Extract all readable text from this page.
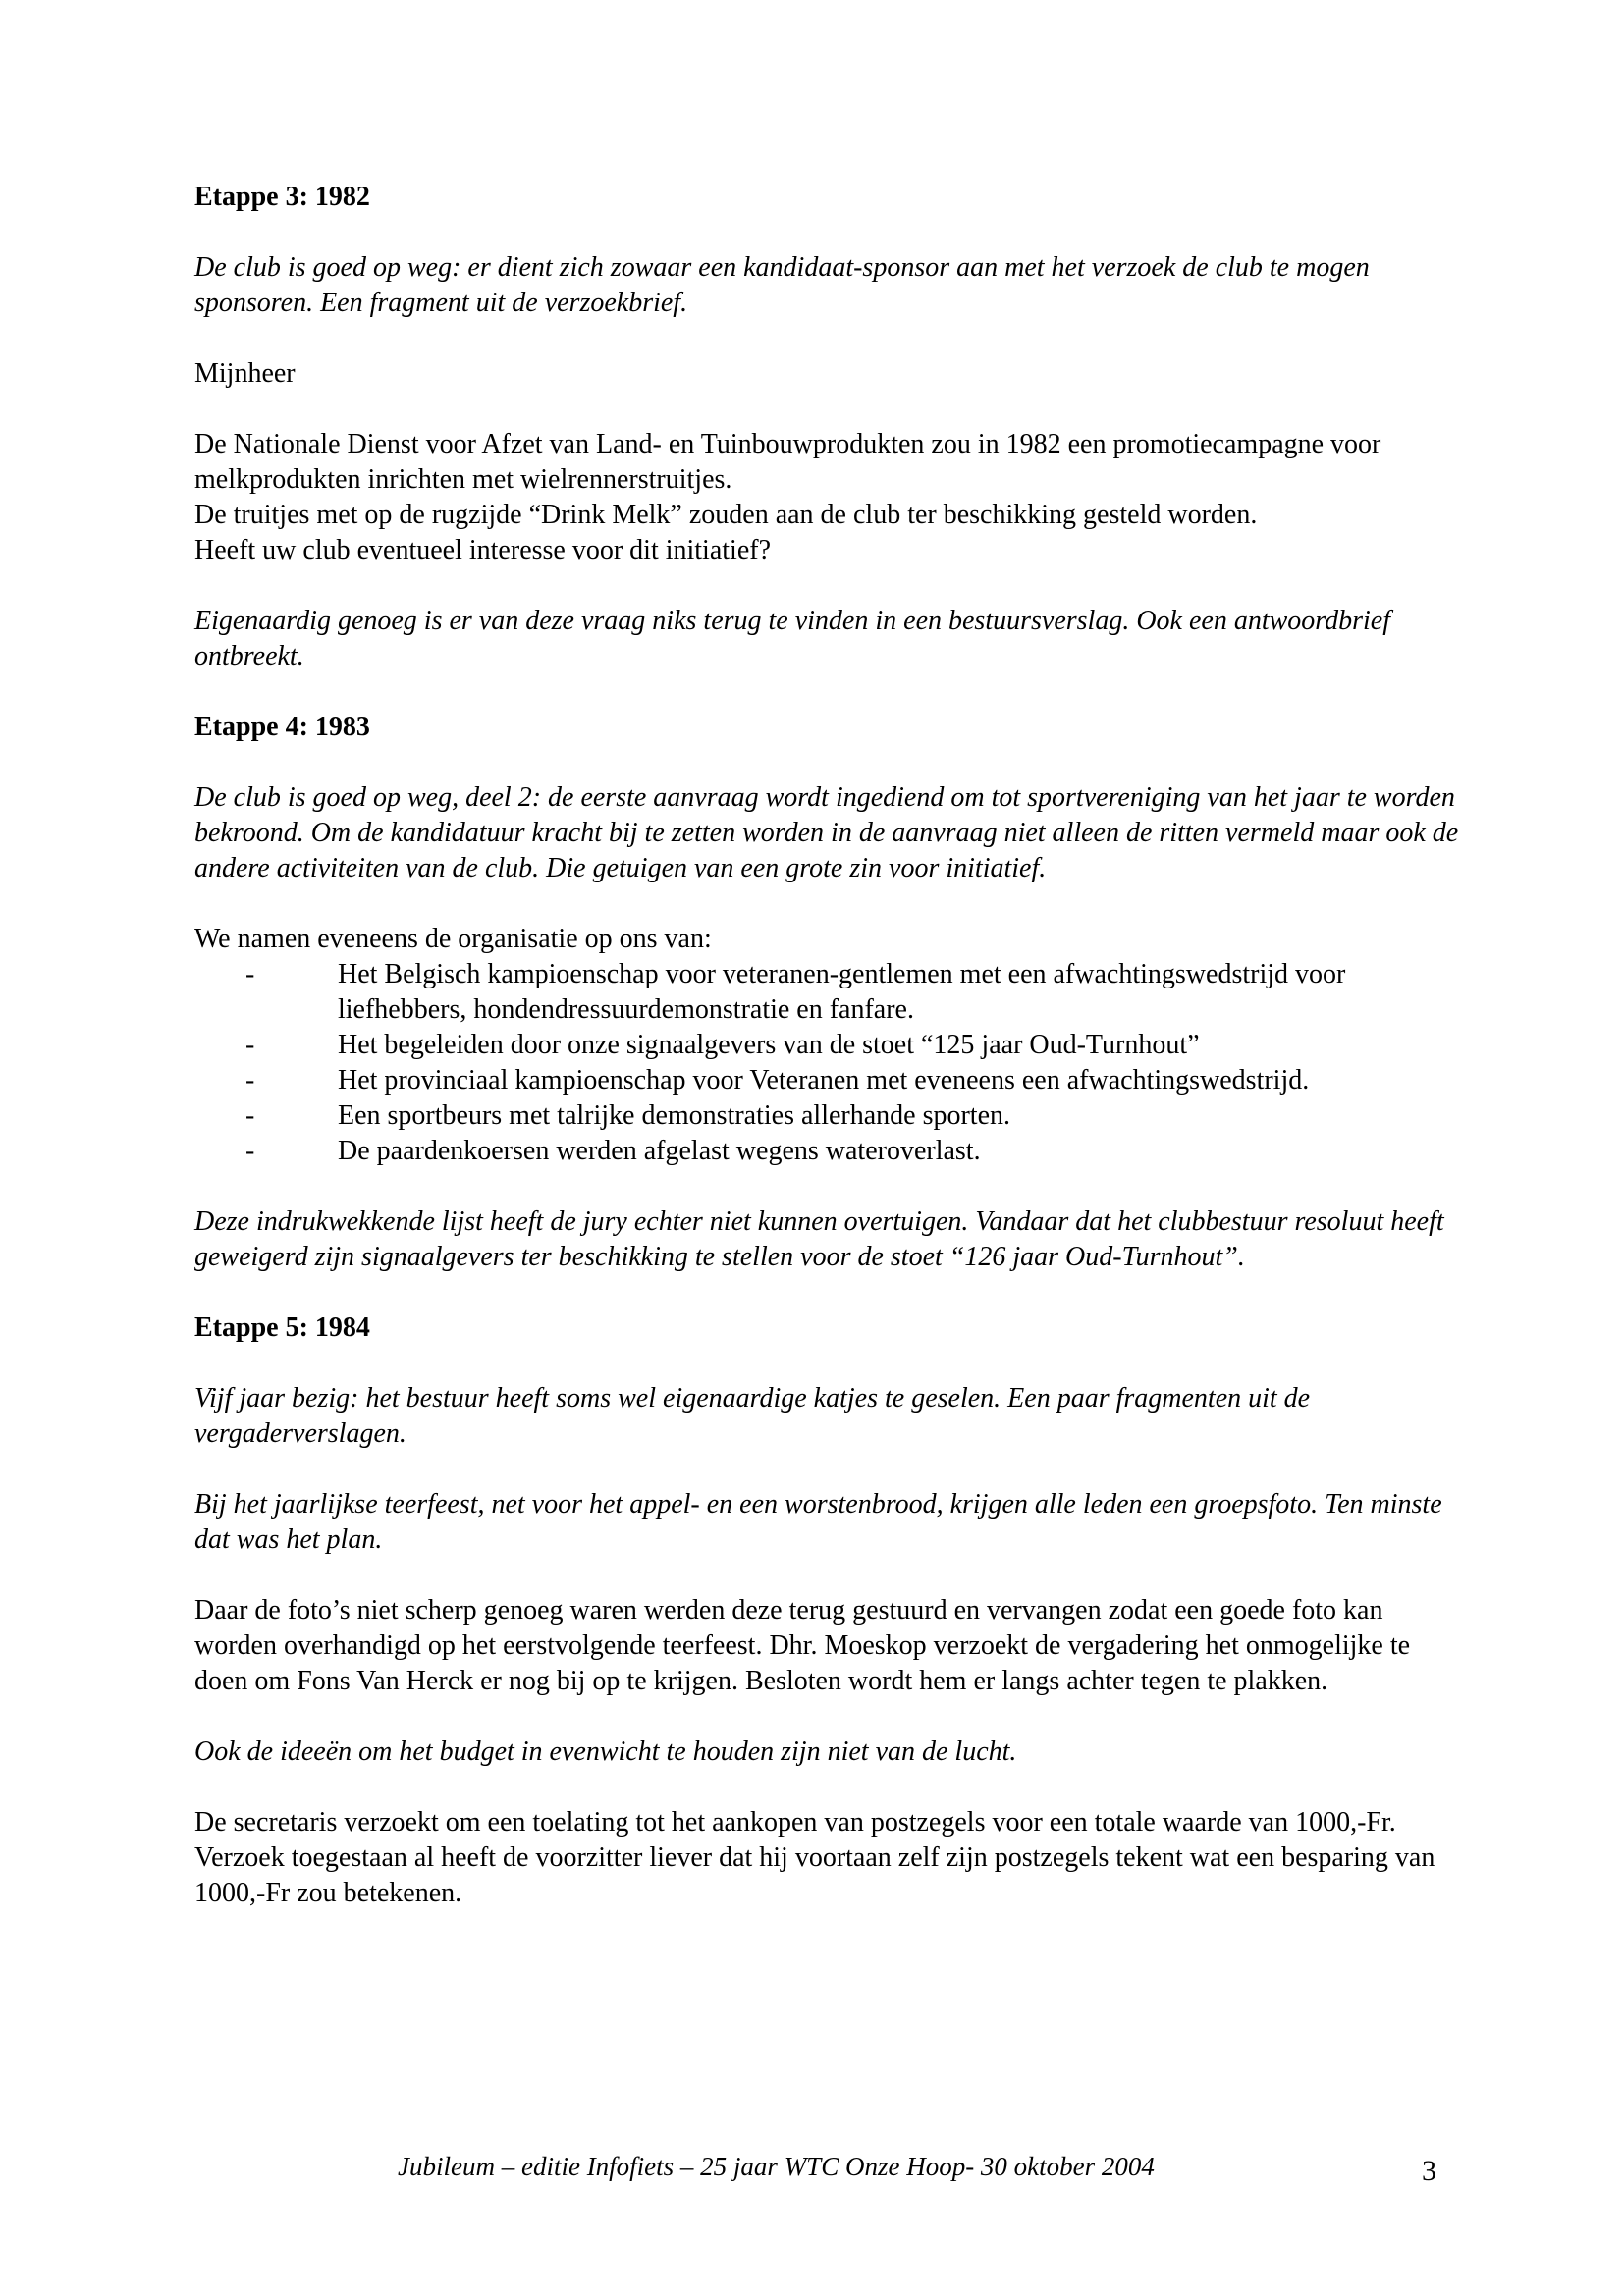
Etappe 3: 1982

De club is goed op weg: er dient zich zowaar een kandidaat-sponsor aan met het verzoek de club te mogen sponsoren. Een fragment uit de verzoekbrief.

Mijnheer

De Nationale Dienst voor Afzet van Land- en Tuinbouwprodukten zou in 1982 een promotiecampagne voor melkprodukten inrichten met wielrennerstruitjes.
De truitjes met op de rugzijde “Drink Melk” zouden aan de club ter beschikking gesteld worden.
Heeft uw club eventueel interesse voor dit initiatief?

Eigenaardig genoeg is er van deze vraag niks terug te vinden in een bestuursverslag. Ook een antwoordbrief ontbreekt.

Etappe 4: 1983

De club is goed op weg, deel 2: de eerste aanvraag wordt ingediend om tot sportvereniging van het jaar te worden bekroond. Om de kandidatuur kracht bij te zetten worden in de aanvraag niet alleen de ritten vermeld maar ook de andere activiteiten van de club. Die getuigen van een grote zin voor initiatief.

We namen eveneens de organisatie op ons van:
-	Het Belgisch kampioenschap voor veteranen-gentlemen met een afwachtingswedstrijd voor liefhebbers, hondendressuurdemonstratie en fanfare.
-	Het begeleiden door onze signaalgevers van de stoet “125 jaar Oud-Turnhout”
-	Het provinciaal kampioenschap voor Veteranen met eveneens een afwachtingswedstrijd.
-	Een sportbeurs met talrijke demonstraties allerhande sporten.
-	De paardenkoersen werden afgelast wegens wateroverlast.

Deze indrukwekkende lijst heeft de jury echter niet kunnen overtuigen. Vandaar dat het clubbestuur resoluut heeft geweigerd zijn signaalgevers ter beschikking te stellen voor de stoet “126 jaar Oud-Turnhout”.

Etappe 5: 1984

Vijf jaar bezig: het bestuur heeft soms wel eigenaardige katjes te geselen. Een paar fragmenten uit de vergaderverslagen.

Bij het jaarlijkse teerfeest, net voor het appel- en een worstenbrood, krijgen alle leden een groepsfoto. Ten minste dat was het plan.

Daar de foto’s niet scherp genoeg waren werden deze terug gestuurd en vervangen zodat een goede foto kan worden overhandigd op het eerstvolgende teerfeest. Dhr. Moeskop verzoekt de vergadering het onmogelijke te doen om Fons Van Herck er nog bij op te krijgen. Besloten wordt hem er langs achter tegen te plakken.

Ook de ideeën om het budget in evenwicht te houden zijn niet van de lucht.

De secretaris verzoekt om een toelating tot het aankopen van postzegels voor een totale waarde van 1000,-Fr. Verzoek toegestaan al heeft de voorzitter liever dat hij voortaan zelf zijn postzegels tekent wat een besparing van 1000,-Fr zou betekenen.

Jubileum – editie Infofiets – 25 jaar WTC Onze Hoop- 30 oktober 2004	3
